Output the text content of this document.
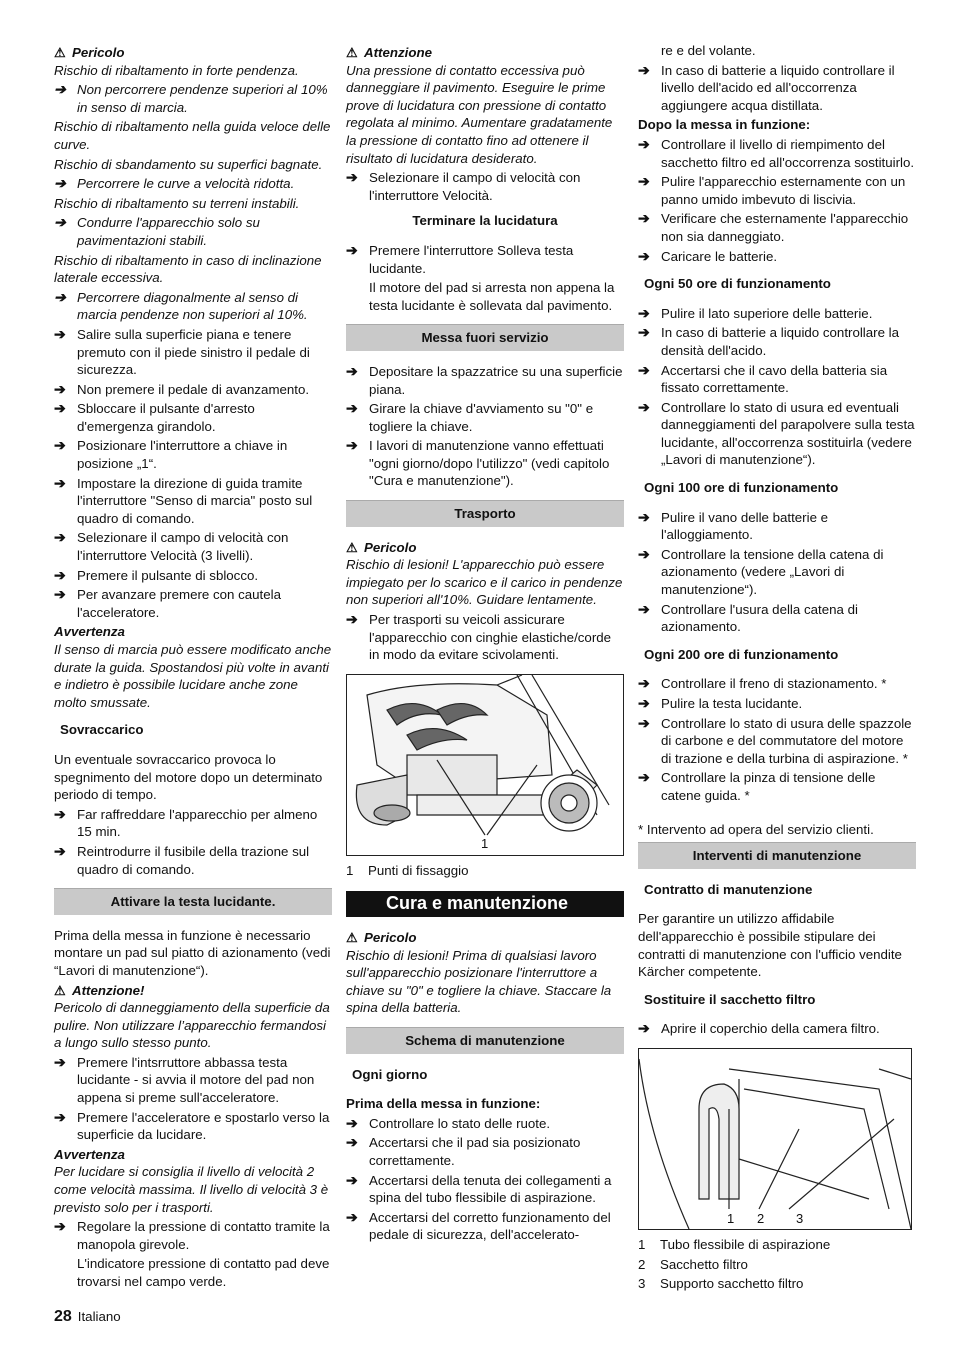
⚠ Pericolo
Rischio di ribaltamento in forte pendenza.
➔ Non percorrere pendenze superiori al 10% in senso di marcia.
Rischio di ribaltamento nella guida veloce delle curve.
Rischio di sbandamento su superfici bagnate.
➔ Percorrere le curve a velocità ridotta.
Rischio di ribaltamento su terreni instabili.
➔ Condurre l'apparecchio solo su pavimentazioni stabili.
Rischio di ribaltamento in caso di inclinazione laterale eccessiva.
➔ Percorrere diagonalmente al senso di marcia pendenze non superiori al 10%.
➔ Salire sulla superficie piana e tenere premuto con il piede sinistro il pedale di sicurezza.
➔ Non premere il pedale di avanzamento.
➔ Sbloccare il pulsante d'arresto d'emergenza girandolo.
➔ Posizionare l'interruttore a chiave in posizione „1“.
➔ Impostare la direzione di guida tramite l'interruttore "Senso di marcia" posto sul quadro di comando.
➔ Selezionare il campo di velocità con l'interruttore Velocità (3 livelli).
➔ Premere il pulsante di sblocco.
➔ Per avanzare premere con cautela l'acceleratore.
Avvertenza
Il senso di marcia può essere modificato anche durate la guida. Spostandosi più volte in avanti e indietro è possibile lucidare anche zone molto smussate.
Sovraccarico
Un eventuale sovraccarico provoca lo spegnimento del motore dopo un determinato periodo di tempo.
➔ Far raffreddare l'apparecchio per almeno 15 min.
➔ Reintrodurre il fusibile della trazione sul quadro di comando.
Attivare la testa lucidante.
Prima della messa in funzione è necessario montare un pad sul piatto di azionamento (vedi “Lavori di manutenzione“).
⚠ Attenzione!
Pericolo di danneggiamento della superficie da pulire. Non utilizzare l’apparecchio fermandosi a lungo sullo stesso punto.
➔ Premere l'intsrruttore abbassa testa lucidante - si avvia il motore del pad non appena si preme sull'acceleratore.
➔ Premere l'acceleratore e spostarlo verso la superficie da lucidare.
Avvertenza
Per lucidare si consiglia il livello di velocità 2 come velocità massima. Il livello di velocità 3 è previsto solo per i trasporti.
➔ Regolare la pressione di contatto tramite la manopola girevole.
L'indicatore pressione di contatto pad deve trovarsi nel campo verde.
⚠ Attenzione
Una pressione di contatto eccessiva può danneggiare il pavimento. Eseguire le prime prove di lucidatura con pressione di contatto regolata al minimo. Aumentare gradatamente la pressione di contatto fino ad ottenere il risultato di lucidatura desiderato.
➔ Selezionare il campo di velocità con l'interruttore Velocità.
Terminare la lucidatura
➔ Premere l'interruttore Solleva testa lucidante.
Il motore del pad si arresta non appena la testa lucidante è sollevata dal pavimento.
Messa fuori servizio
➔ Depositare la spazzatrice su una superficie piana.
➔ Girare la chiave d'avviamento su "0" e togliere la chiave.
➔ I lavori di manutenzione vanno effettuati "ogni giorno/dopo l'utilizzo" (vedi capitolo "Cura e manutenzione").
Trasporto
⚠ Pericolo
Rischio di lesioni! L'apparecchio può essere impiegato per lo scarico e il carico in pendenze non superiori all'10%. Guidare lentamente.
➔ Per trasporti su veicoli assicurare l'apparecchio con cinghie elastiche/corde in modo da evitare scivolamenti.
1
1	Punti di fissaggio
Cura e manutenzione
⚠ Pericolo
Rischio di lesioni! Prima di qualsiasi lavoro sull'apparecchio posizionare l'interruttore a chiave su "0" e togliere la chiave. Staccare la spina della batteria.
Schema di manutenzione
Ogni giorno
Prima della messa in funzione:
➔ Controllare lo stato delle ruote.
➔ Accertarsi che il pad sia posizionato correttamente.
➔ Accertarsi della tenuta dei collegamenti a spina del tubo flessibile di aspirazione.
➔ Accertarsi del corretto funzionamento del pedale di sicurezza, dell'accelerato-
re e del volante.
➔ In caso di batterie a liquido controllare il livello dell'acido ed all'occorrenza aggiungere acqua distillata.
Dopo la messa in funzione:
➔ Controllare il livello di riempimento del sacchetto filtro ed all'occorrenza sostituirlo.
➔ Pulire l'apparecchio esternamente con un panno umido imbevuto di liscivia.
➔ Verificare che esternamente l'apparecchio non sia danneggiato.
➔ Caricare le batterie.
Ogni 50 ore di funzionamento
➔ Pulire il lato superiore delle batterie.
➔ In caso di batterie a liquido controllare la densità dell'acido.
➔ Accertarsi che il cavo della batteria sia fissato correttamente.
➔ Controllare lo stato di usura ed eventuali danneggiamenti del parapolvere sulla testa lucidante, all'occorrenza sostituirla (vedere „Lavori di manutenzione“).
Ogni 100 ore di funzionamento
➔ Pulire il vano delle batterie e l'alloggiamento.
➔ Controllare la tensione della catena di azionamento (vedere „Lavori di manutenzione“).
➔ Controllare l'usura della catena di azionamento.
Ogni 200 ore di funzionamento
➔ Controllare il freno di stazionamento. *
➔ Pulire la testa lucidante.
➔ Controllare lo stato di usura delle spazzole di carbone e del commutatore del motore di trazione e della turbina di aspirazione. *
➔ Controllare la pinza di tensione delle catene guida. *
* Intervento ad opera del servizio clienti.
Interventi di manutenzione
Contratto di manutenzione
Per garantire un utilizzo affidabile dell'apparecchio è possibile stipulare dei contratti di manutenzione con l'ufficio vendite Kärcher competente.
Sostituire il sacchetto filtro
➔ Aprire il coperchio della camera filtro.
1 2 3
1	Tubo flessibile di aspirazione
2	Sacchetto filtro
3	Supporto sacchetto filtro
28 Italiano
